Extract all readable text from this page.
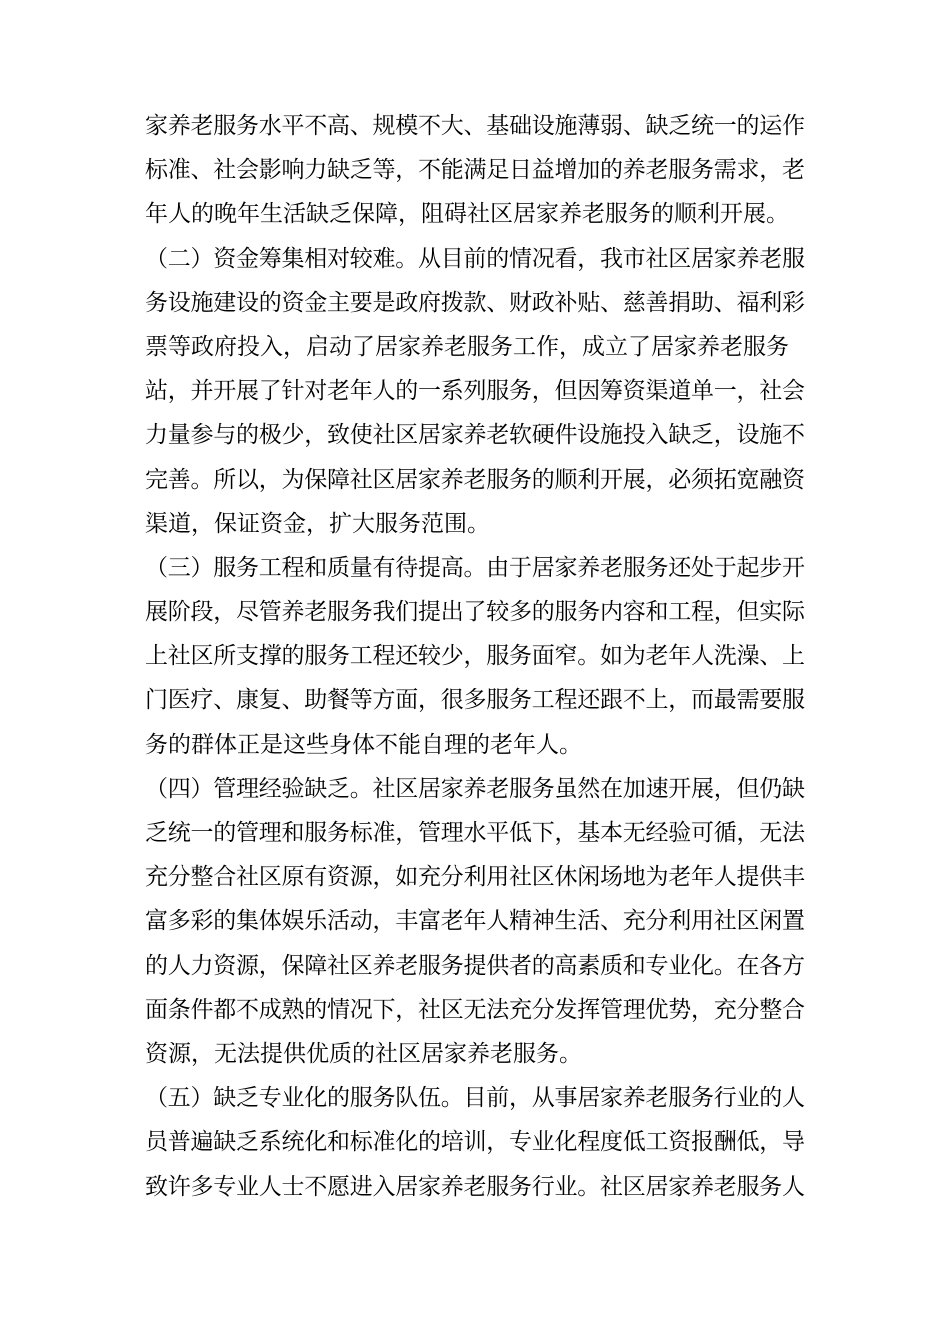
家养老服务水平不高、规模不大、基础设施薄弱、缺乏统一的运作
标准、社会影响力缺乏等，不能满足日益增加的养老服务需求，老
年人的晚年生活缺乏保障，阻碍社区居家养老服务的顺利开展。
（二）资金筹集相对较难。从目前的情况看，我市社区居家养老服
务设施建设的资金主要是政府拨款、财政补贴、慈善捐助、福利彩
票等政府投入，启动了居家养老服务工作，成立了居家养老服务
站，并开展了针对老年人的一系列服务，但因筹资渠道单一，社会
力量参与的极少，致使社区居家养老软硬件设施投入缺乏，设施不
完善。所以，为保障社区居家养老服务的顺利开展，必须拓宽融资
渠道，保证资金，扩大服务范围。
（三）服务工程和质量有待提高。由于居家养老服务还处于起步开
展阶段，尽管养老服务我们提出了较多的服务内容和工程，但实际
上社区所支撑的服务工程还较少，服务面窄。如为老年人洗澡、上
门医疗、康复、助餐等方面，很多服务工程还跟不上，而最需要服
务的群体正是这些身体不能自理的老年人。
（四）管理经验缺乏。社区居家养老服务虽然在加速开展，但仍缺
乏统一的管理和服务标准，管理水平低下，基本无经验可循，无法
充分整合社区原有资源，如充分利用社区休闲场地为老年人提供丰
富多彩的集体娱乐活动，丰富老年人精神生活、充分利用社区闲置
的人力资源，保障社区养老服务提供者的高素质和专业化。在各方
面条件都不成熟的情况下，社区无法充分发挥管理优势，充分整合
资源，无法提供优质的社区居家养老服务。
（五）缺乏专业化的服务队伍。目前，从事居家养老服务行业的人
员普遍缺乏系统化和标准化的培训，专业化程度低工资报酬低，导
致许多专业人士不愿进入居家养老服务行业。社区居家养老服务人
